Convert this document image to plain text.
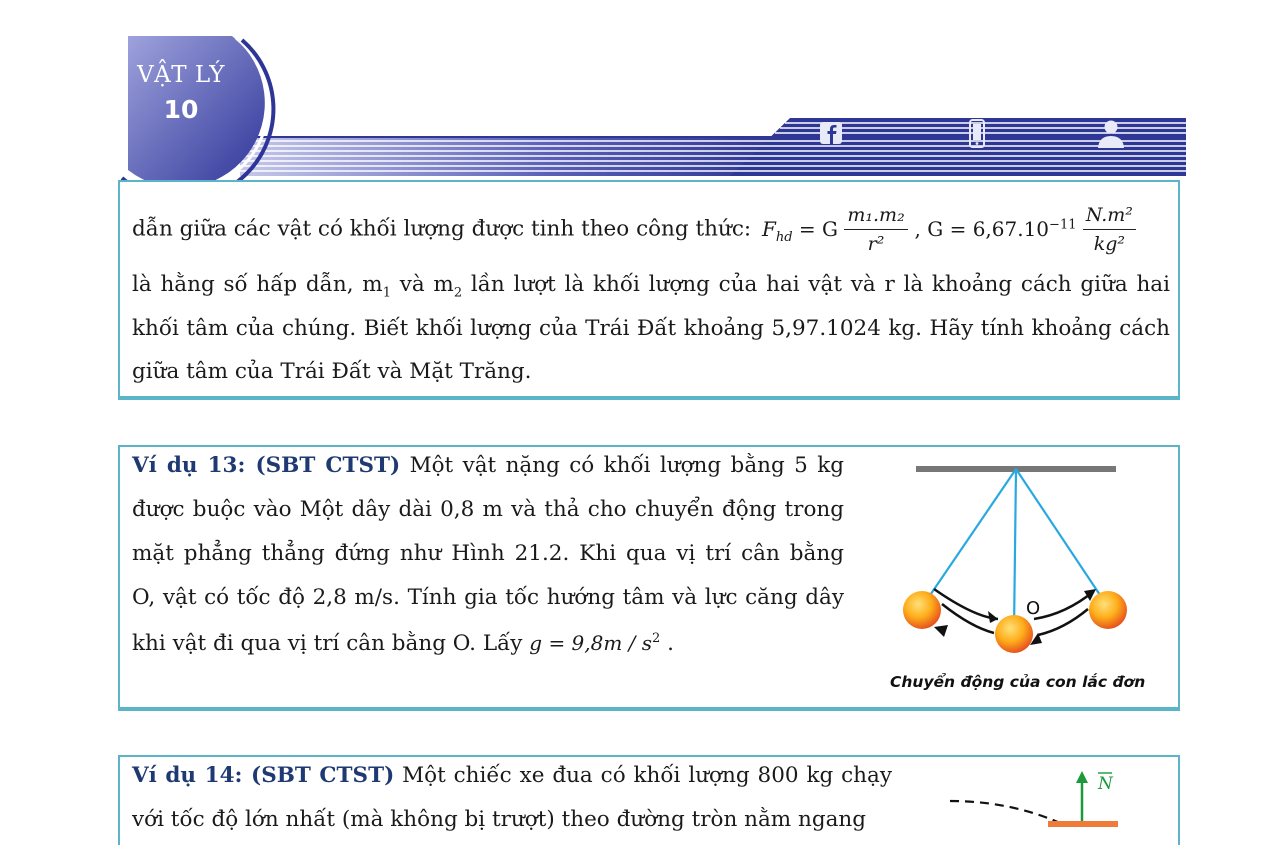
VẬT LÝ
10
dẫn giữa các vật có khối lượng được tinh theo công thức: $F_{hd} = G \frac{\text{m₁.m₂}}{\text{r²}}$ , $G = 6,67.10^{-11} \frac{\text{N.m²}}{\text{kg²}}$
là hằng số hấp dẫn, $m_1$ và $m_2$ lần lượt là khối lượng của hai vật và r là khoảng cách giữa hai
khối tâm của chúng. Biết khối lượng của Trái Đất khoảng 5,97.1024 kg. Hãy tính khoảng cách
giữa tâm của Trái Đất và Mặt Trăng.
Ví dụ 13: (SBT CTST) Một vật nặng có khối lượng bằng 5 kg
được buộc vào Một dây dài 0,8 m và thả cho chuyển động trong
mặt phẳng thẳng đứng như Hình 21.2. Khi qua vị trí cân bằng
O, vật có tốc độ 2,8 m/s. Tính gia tốc hướng tâm và lực căng dây
khi vật đi qua vị trí cân bằng O. Lấy $g = 9,8m / s^2$ .
O
Chuyển động của con lắc đơn
Ví dụ 14: (SBT CTST) Một chiếc xe đua có khối lượng 800 kg chạy
với tốc độ lớn nhất (mà không bị trượt) theo đường tròn nằm ngang
N
